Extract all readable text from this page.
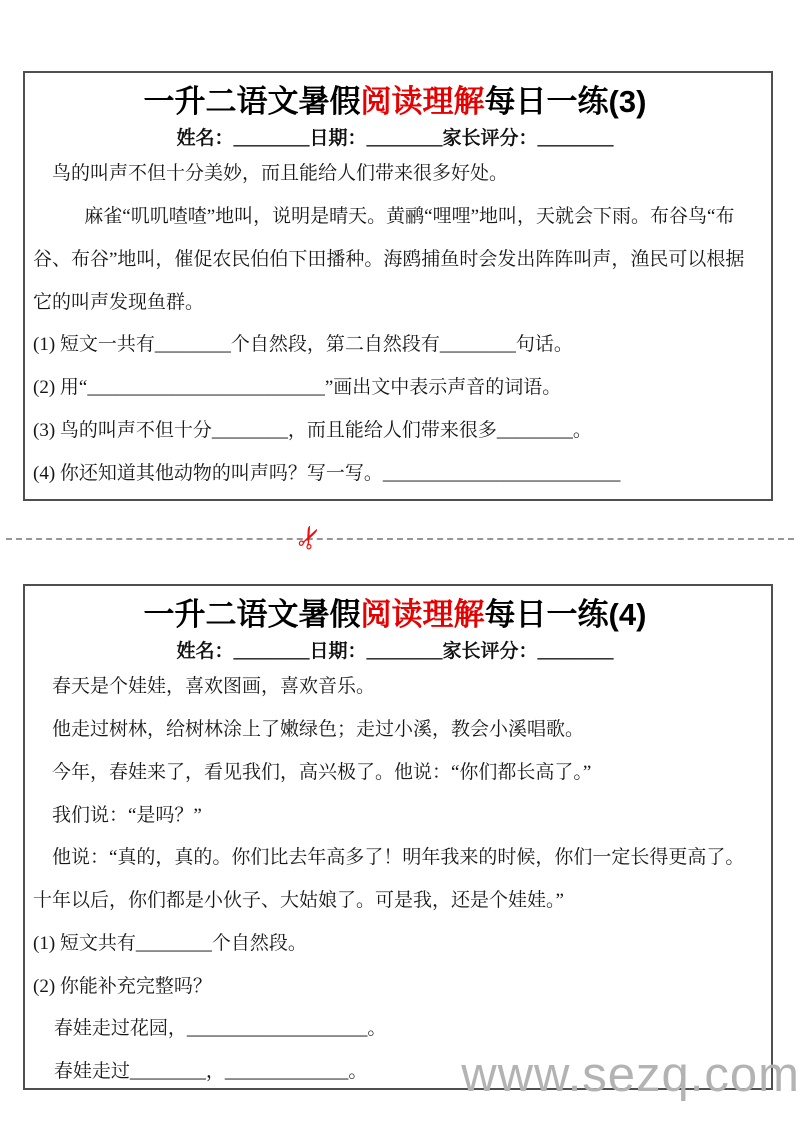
一升二语文暑假阅读理解每日一练(3)
姓名：________日期：________家长评分：________

鸟的叫声不但十分美妙，而且能给人们带来很多好处。

麻雀“叽叽喳喳”地叫，说明是晴天。黄鹂“哩哩”地叫，天就会下雨。布谷鸟“布谷、布谷”地叫，催促农民伯伯下田播种。海鸥捕鱼时会发出阵阵叫声，渔民可以根据它的叫声发现鱼群。

(1) 短文一共有________个自然段，第二自然段有________句话。

(2) 用“_________________________”画出文中表示声音的词语。

(3) 鸟的叫声不但十分________，而且能给人们带来很多________。

(4) 你还知道其他动物的叫声吗？写一写。_________________________

✂
一升二语文暑假阅读理解每日一练(4)
姓名：________日期：________家长评分：________

春天是个娃娃，喜欢图画，喜欢音乐。

他走过树林，给树林涂上了嫩绿色；走过小溪，教会小溪唱歌。

今年，春娃来了，看见我们，高兴极了。他说：“你们都长高了。”

我们说：“是吗？”

他说：“真的，真的。你们比去年高多了！明年我来的时候，你们一定长得更高了。十年以后，你们都是小伙子、大姑娘了。可是我，还是个娃娃。”

(1) 短文共有________个自然段。

(2) 你能补充完整吗？

春娃走过花园，___________________。

春娃走过________，_____________。	www.sezq.com
